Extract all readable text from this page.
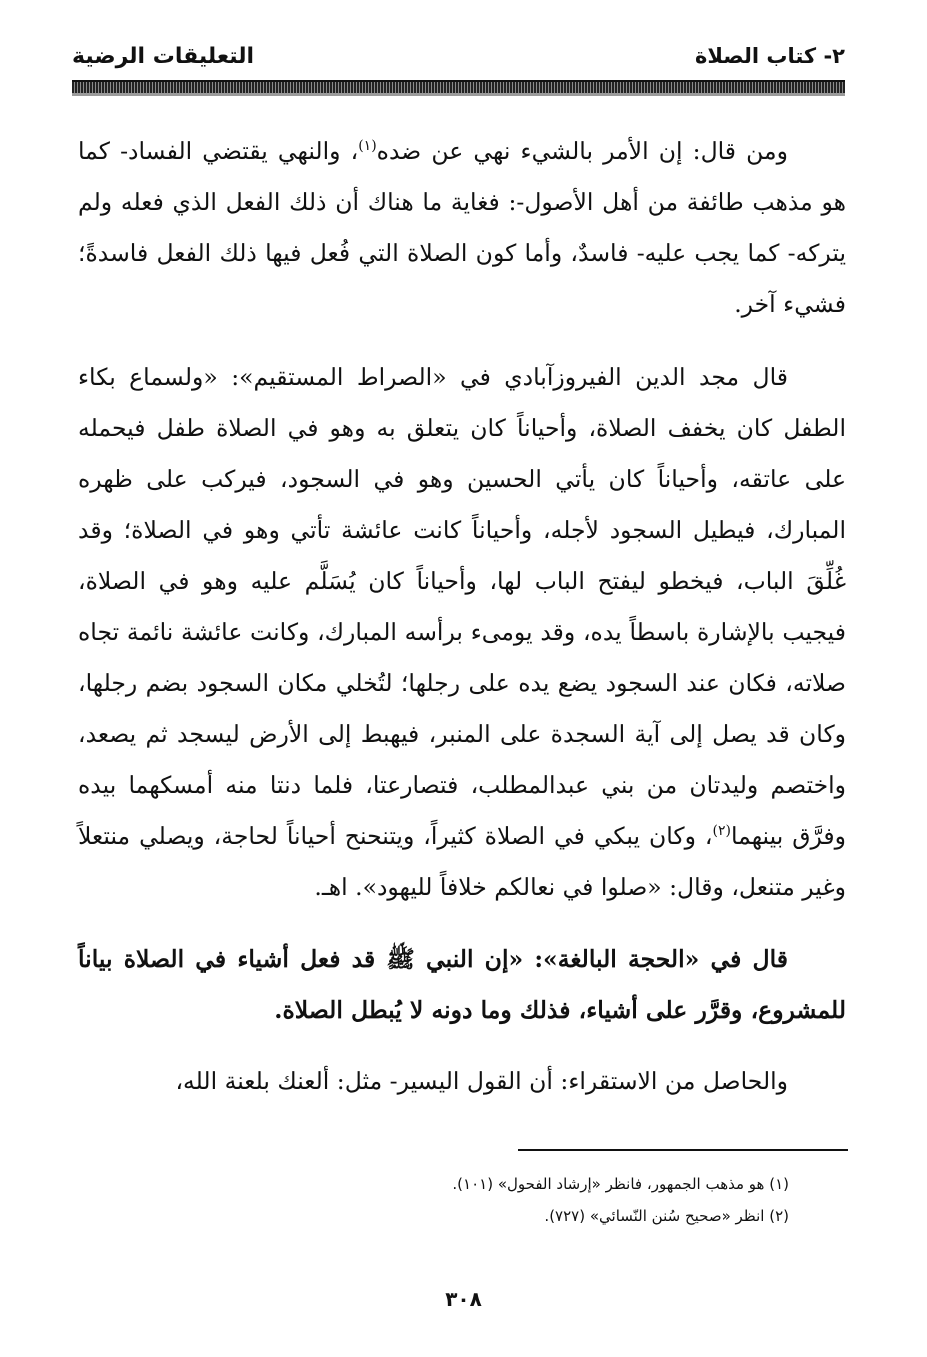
٢- كتاب الصلاة
التعليقات الرضية

ومن قال: إن الأمر بالشيء نهي عن ضده$^{(١)}$، والنهي يقتضي الفساد- كما هو مذهب طائفة من أهل الأصول-: فغاية ما هناك أن ذلك الفعل الذي فعله ولم يتركه- كما يجب عليه- فاسدٌ، وأما كون الصلاة التي فُعل فيها ذلك الفعل فاسدةً؛ فشيء آخر.

قال مجد الدين الفيروزآبادي في «الصراط المستقيم»: «ولسماع بكاء الطفل كان يخفف الصلاة، وأحياناً كان يتعلق به وهو في الصلاة طفل فيحمله على عاتقه، وأحياناً كان يأتي الحسين وهو في السجود، فيركب على ظهره المبارك، فيطيل السجود لأجله، وأحياناً كانت عائشة تأتي وهو في الصلاة؛ وقد غُلِّقَ الباب، فيخطو ليفتح الباب لها، وأحياناً كان يُسَلَّم عليه وهو في الصلاة، فيجيب بالإشارة باسطاً يده، وقد يومىء برأسه المبارك، وكانت عائشة نائمة تجاه صلاته، فكان عند السجود يضع يده على رجلها؛ لتُخلي مكان السجود بضم رجلها، وكان قد يصل إلى آية السجدة على المنبر، فيهبط إلى الأرض ليسجد ثم يصعد، واختصم وليدتان من بني عبدالمطلب، فتصارعتا، فلما دنتا منه أمسكهما بيده وفرَّق بينهما$^{(٢)}$، وكان يبكي في الصلاة كثيراً، ويتنحنح أحياناً لحاجة، ويصلي منتعلاً وغير متنعل، وقال: «صلوا في نعالكم خلافاً لليهود». اهـ.

قال في «الحجة البالغة»: «إن النبي ﷺ قد فعل أشياء في الصلاة بياناً للمشروع، وقرَّر على أشياء، فذلك وما دونه لا يُبطل الصلاة.

والحاصل من الاستقراء: أن القول اليسير- مثل: ألعنك بلعنة الله،

(١) هو مذهب الجمهور، فانظر «إرشاد الفحول» (١٠١).

(٢) انظر «صحيح سُنن النّسائي» (٧٢٧).

٣٠٨
